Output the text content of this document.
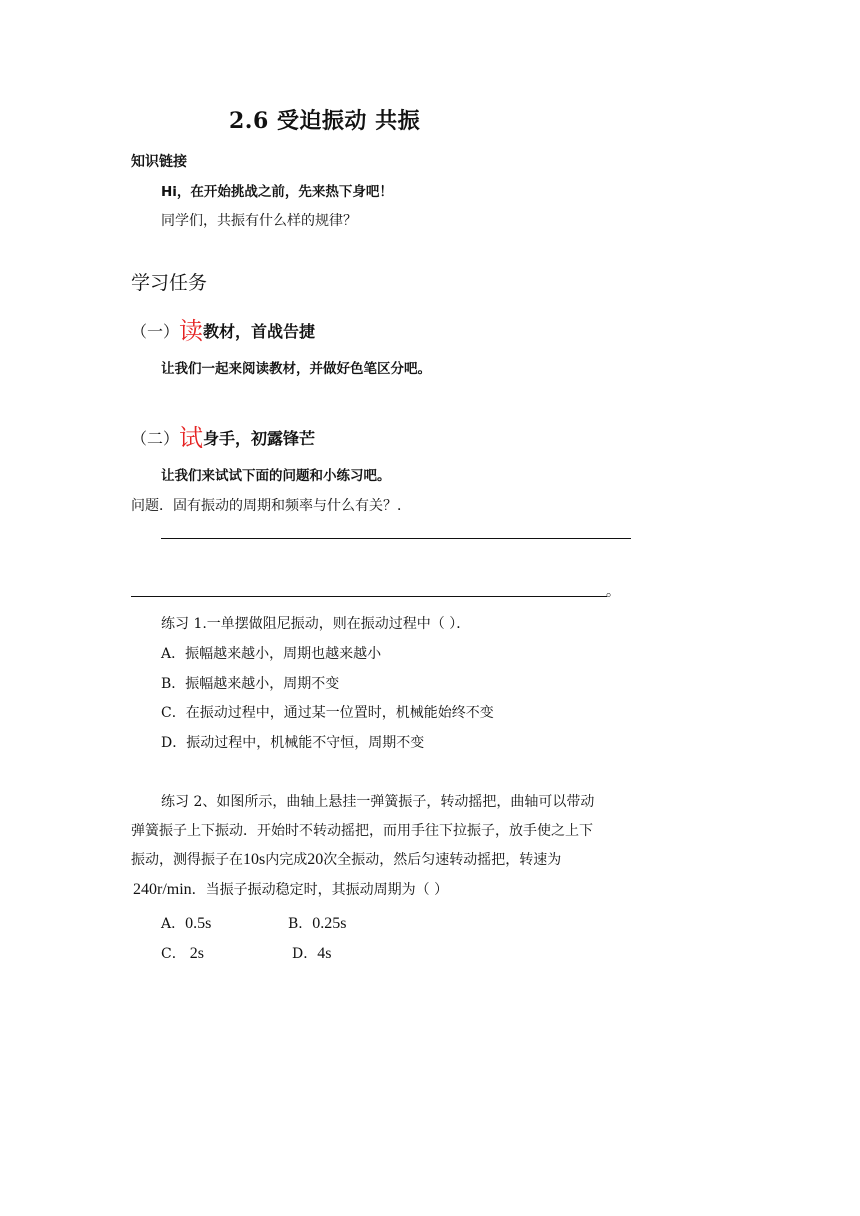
2.6 受迫振动 共振
知识链接
Hi，在开始挑战之前，先来热下身吧！
同学们，共振有什么样的规律？
学习任务
（一）读教材，首战告捷
让我们一起来阅读教材，并做好色笔区分吧。
（二）试身手，初露锋芒
让我们来试试下面的问题和小练习吧。
问题．固有振动的周期和频率与什么有关？．
。
练习 1.一单摆做阻尼振动，则在振动过程中（ ）．
A．振幅越来越小，周期也越来越小
B．振幅越来越小，周期不变
C．在振动过程中，通过某一位置时，机械能始终不变
D．振动过程中，机械能不守恒，周期不变
练习 2、如图所示，曲轴上悬挂一弹簧振子，转动摇把，曲轴可以带动
弹簧振子上下振动．开始时不转动摇把，而用手往下拉振子，放手使之上下
振动，测得振子在10s内完成20次全振动，然后匀速转动摇把，转速为
240r/min．当振子振动稳定时，其振动周期为（ ）
A．0.5s	B．0.25s
C． 2s	D．4s
